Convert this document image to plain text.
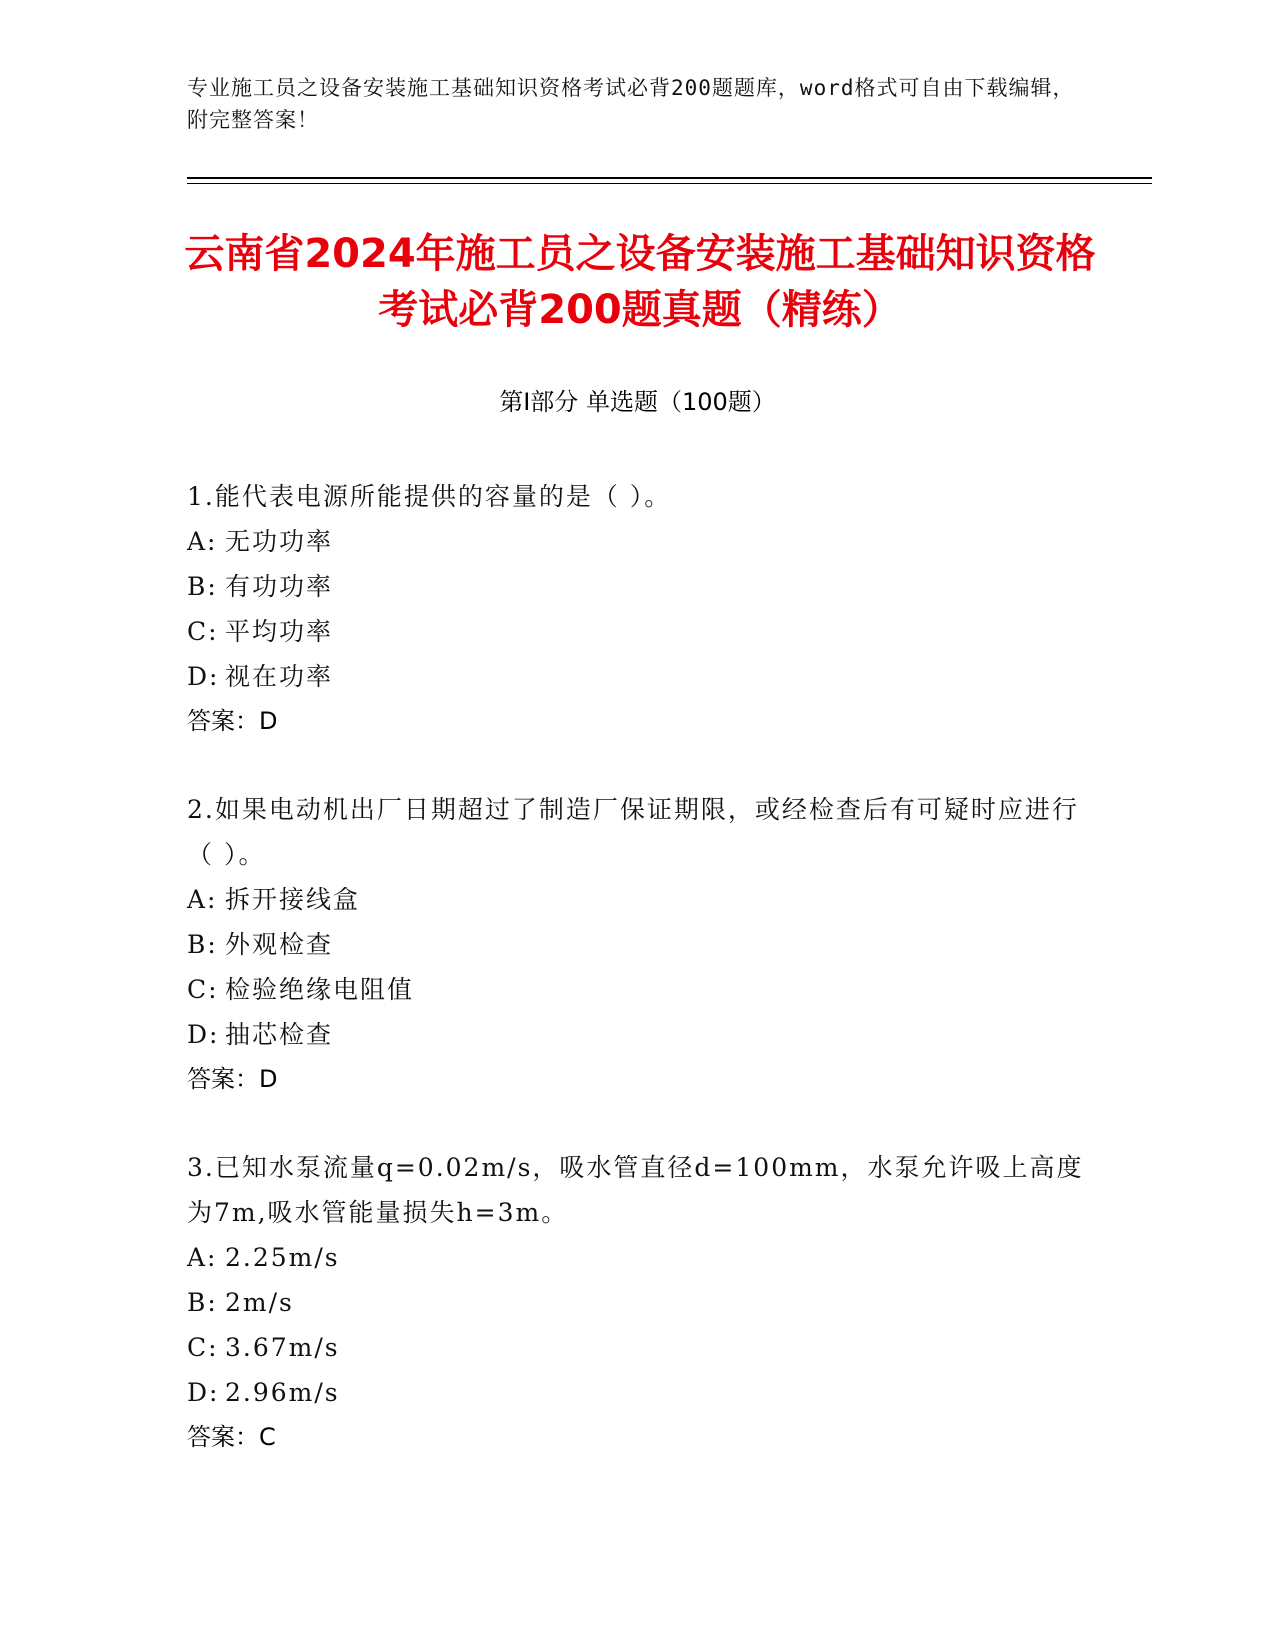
专业施工员之设备安装施工基础知识资格考试必背200题题库，word格式可自由下载编辑，附完整答案！
云南省2024年施工员之设备安装施工基础知识资格考试必背200题真题（精练）
第I部分 单选题（100题）

1.能代表电源所能提供的容量的是（ ）。

A: 无功功率
B: 有功功率
C: 平均功率
D: 视在功率
答案：D

2.如果电动机出厂日期超过了制造厂保证期限，或经检查后有可疑时应进行（ ）。

A: 拆开接线盒
B: 外观检查
C: 检验绝缘电阻值
D: 抽芯检查
答案：D

3.已知水泵流量q=0.02m/s，吸水管直径d=100mm，水泵允许吸上高度为7m,吸水管能量损失h=3m。

A: 2.25m/s
B: 2m/s
C: 3.67m/s
D: 2.96m/s
答案：C
